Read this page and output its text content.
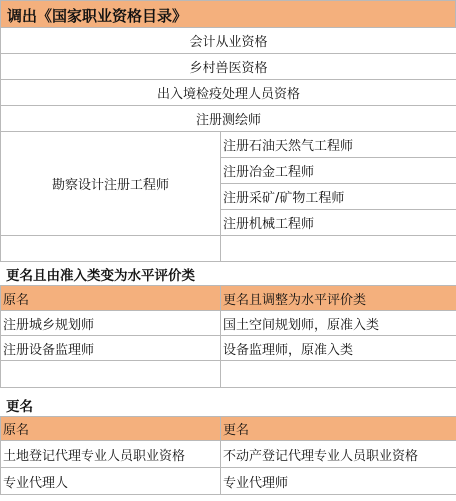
调出《国家职业资格目录》
会计从业资格	
乡村兽医资格	
出入境检疫处理人员资格	
注册测绘师	
勘察设计注册工程师	注册石油天然气工程师
	注册冶金工程师
	注册采矿/矿物工程师
	注册机械工程师

更名且由准入类变为水平评价类
原名	更名且调整为水平评价类
注册城乡规划师	国土空间规划师，原准入类
注册设备监理师	设备监理师，原准入类

更名
原名	更名
土地登记代理专业人员职业资格	不动产登记代理专业人员职业资格
专业代理人	专业代理师
